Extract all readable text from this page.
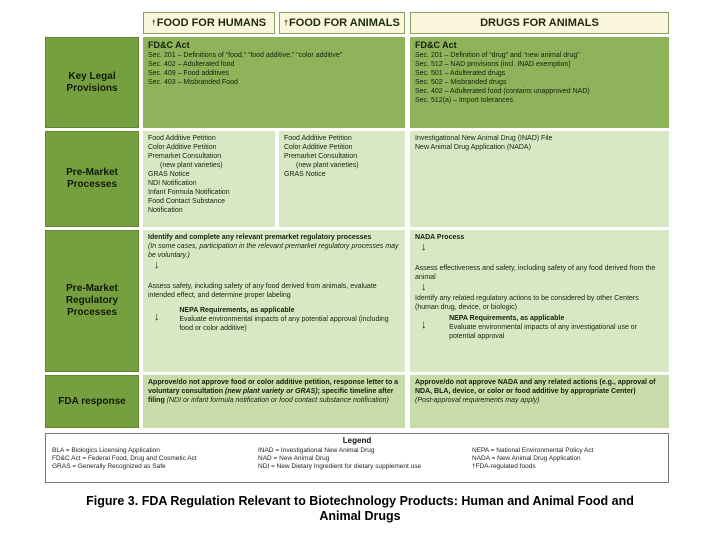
† FOOD FOR HUMANS	† FOOD FOR ANIMALS	DRUGS FOR ANIMALS
Key Legal
Provisions
FD&C Act
Sec. 201 – Definitions of “food,” “food additive,” “color additive”
Sec. 402 – Adulterated food
Sec. 409 – Food additives
Sec. 403 – Misbranded Food
FD&C Act
Sec. 201 – Definition of “drug” and “new animal drug”
Sec. 512 – NAD provisions (incl. INAD exemption)
Sec. 501 – Adulterated drugs
Sec. 502 – Misbranded drugs
Sec. 402 – Adulterated food (contains unapproved NAD)
Sec. 512(a) – Import tolerances
Pre-Market
Processes
Food Additive Petition
Color Additive Petition
Premarket Consultation
(new plant varieties)
GRAS Notice
NDI Notification
Infant Formula Notification
Food Contact Substance
Notification
Food Additive Petition
Color Additive Petition
Premarket Consultation
(new plant varieties)
GRAS Notice
Investigational New Animal Drug (INAD) File
New Animal Drug Application (NADA)
Pre-Market
Regulatory
Processes
Identify and complete any relevant premarket regulatory processes
(In some cases, participation in the relevant premarket regulatory processes may be voluntary.)
↓
Assess safety, including safety of any food derived from animals, evaluate intended effect, and determine proper labeling
↓
NEPA Requirements, as applicable
Evaluate environmental impacts of any potential approval (including food or color additive)
NADA Process
↓
Assess effectiveness and safety, including safety of any food derived from the animal
↓
Identify any related regulatory actions to be considered by other Centers (human drug, device, or biologic)
↓
NEPA Requirements, as applicable
Evaluate environmental impacts of any investigational use or potential approval
FDA response
Approve/do not approve food or color additive petition, response letter to a voluntary consultation (new plant variety or GRAS); specific timeline after filing (NDI or infant formula notification or food contact substance notification)
Approve/do not approve NADA and any related actions (e.g., approval of NDA, BLA, device, or color or food additive by appropriate Center)
(Post-approval requirements may apply)
Legend
BLA = Biologics Licensing Application
FD&C Act = Federal Food, Drug and Cosmetic Act
GRAS = Generally Recognized as Safe
INAD = Investigational New Animal Drug
NAD = New Animal Drug
NDI = New Dietary Ingredient for dietary supplement use
NEPA = National Environmental Policy Act
NADA = New Animal Drug Application
†FDA-regulated foods
Figure 3. FDA Regulation Relevant to Biotechnology Products: Human and Animal Food and
Animal Drugs
